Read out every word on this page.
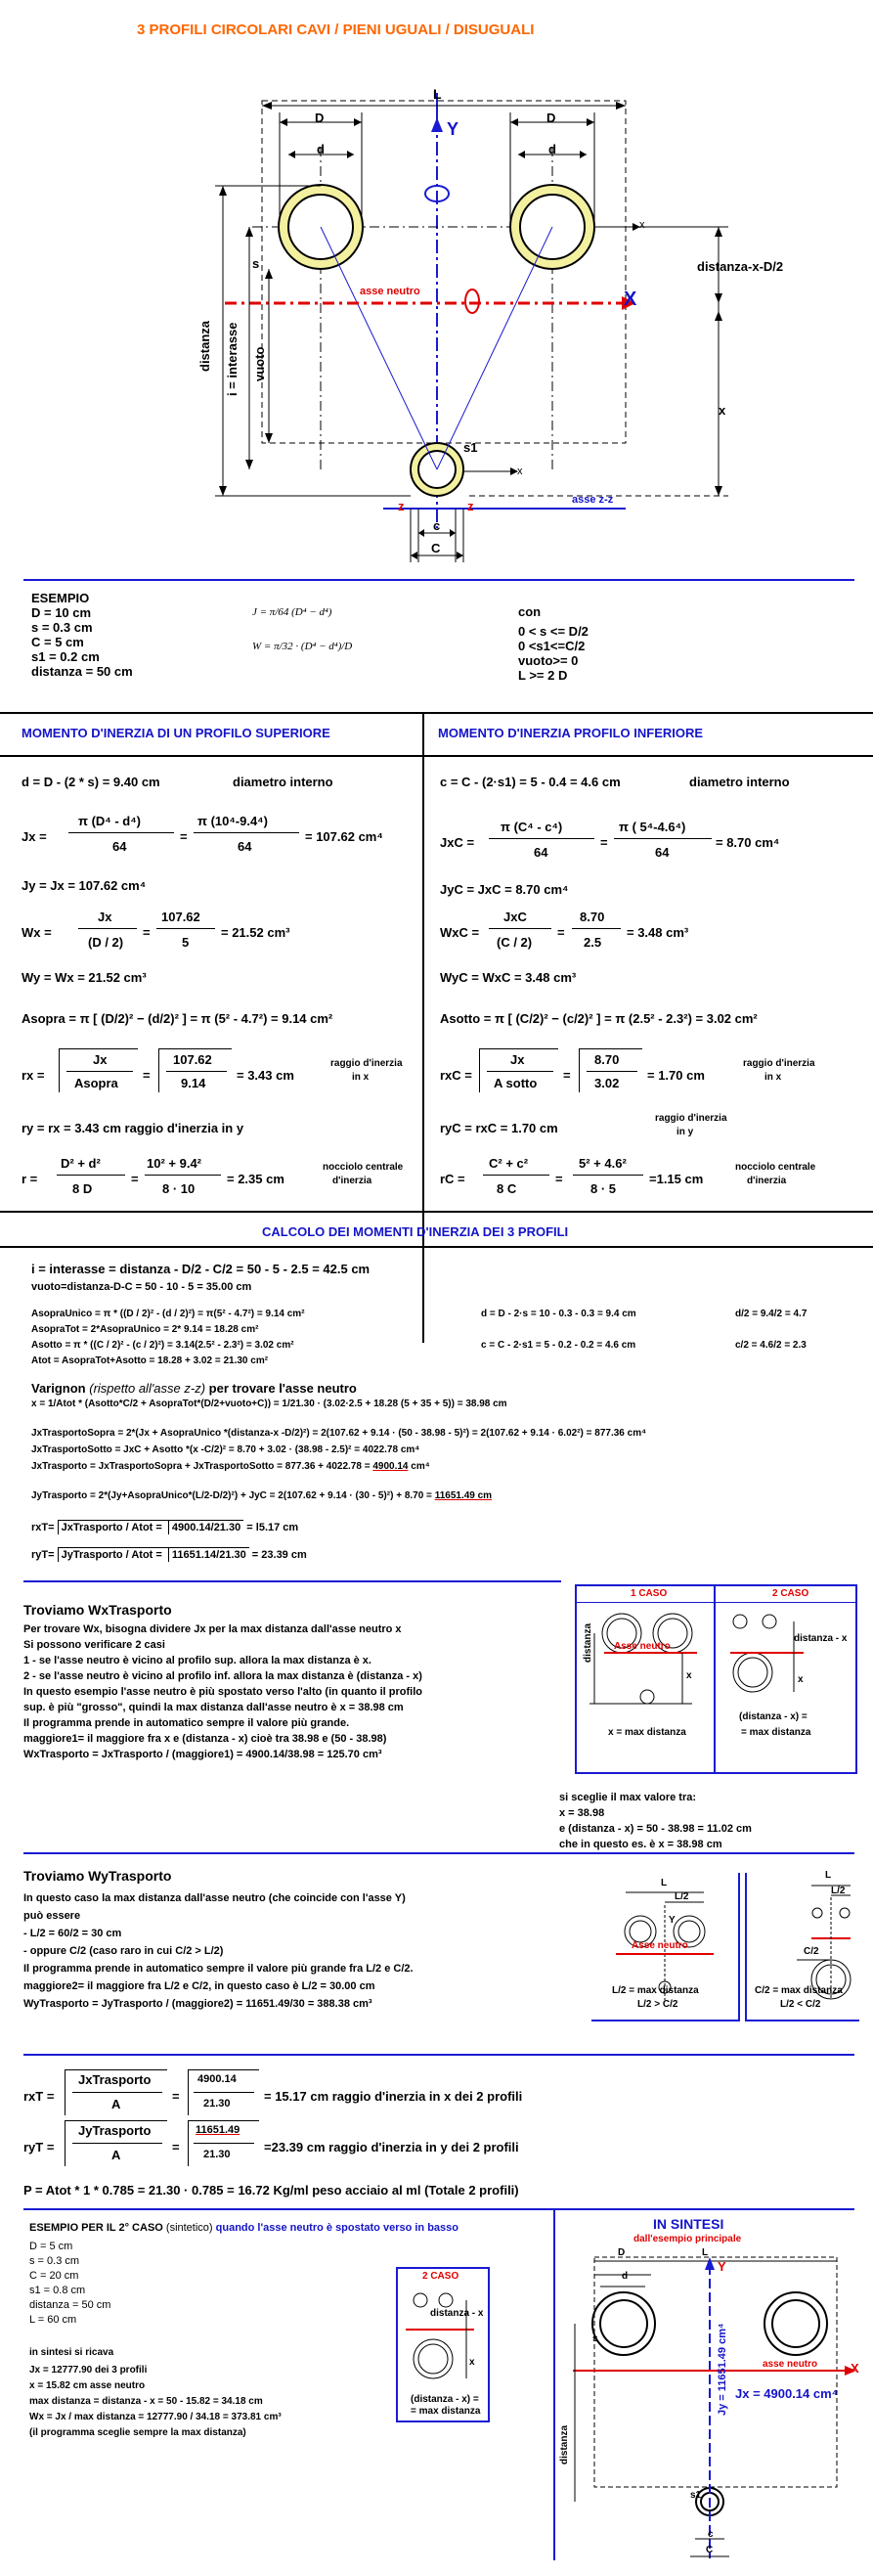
3 PROFILI CIRCOLARI CAVI / PIENI UGUALI / DISUGUALI
L
Y
X
D
d
D
d
s
x
asse neutro
distanza-x-D/2
x
distanza i = interasse vuoto
s1
x
z	z	asse z-z
c
C
ESEMPIO
D = 10 cm
s = 0.3 cm
C = 5 cm
s1 = 0.2 cm
distanza = 50 cm
J = π/64 (D⁴ − d⁴)
W = π/32 · (D⁴ − d⁴)/D
con
0 < s <= D/2
0 <s1<=C/2
vuoto>= 0
L >= 2 D
MOMENTO D'INERZIA DI UN PROFILO SUPERIORE	MOMENTO D'INERZIA PROFILO INFERIORE
d = D - (2 * s) = 9.40 cm	diametro interno
Jx =
π (D⁴ - d⁴)
64
=
π (10⁴-9.4⁴)
64
= 107.62 cm⁴
Jy = Jx = 107.62 cm⁴
Wx =
Jx
(D / 2)
=
107.62
5
= 21.52 cm³
Wy = Wx = 21.52 cm³
Asopra = π [ (D/2)² − (d/2)² ] = π (5² - 4.7²) = 9.14 cm²
rx =
Jx
Asopra
=
107.62
9.14
= 3.43 cm
raggio d'inerzia
in x
ry = rx = 3.43 cm raggio d'inerzia in y
r =
D² + d²
8 D
=
10² + 9.4²
8 · 10
= 2.35 cm
nocciolo centrale
d'inerzia
c = C - (2·s1) = 5 - 0.4 = 4.6 cm	diametro interno
JxC =
π (C⁴ - c⁴)
64
=
π ( 5⁴-4.6⁴)
64
= 8.70 cm⁴
JyC = JxC = 8.70 cm⁴
WxC =
JxC
(C / 2)
=
8.70
2.5
= 3.48 cm³
WyC = WxC = 3.48 cm³
Asotto = π [ (C/2)² − (c/2)² ] = π (2.5² - 2.3²) = 3.02 cm²
rxC =
Jx
A sotto
=
8.70
3.02
= 1.70 cm
raggio d'inerzia
in x
ryC = rxC = 1.70 cm
raggio d'inerzia
in y
rC =
C² + c²
8 C
=
5² + 4.6²
8 · 5
=1.15 cm
nocciolo centrale
d'inerzia
CALCOLO DEI MOMENTI D'INERZIA DEI 3 PROFILI
i = interasse = distanza - D/2 - C/2 = 50 - 5 - 2.5 = 42.5 cm
vuoto=distanza-D-C = 50 - 10 - 5 = 35.00 cm
AsopraUnico = π * ((D / 2)² - (d / 2)²) = π(5² - 4.7²) = 9.14 cm²
AsopraTot = 2*AsopraUnico = 2* 9.14 = 18.28 cm²
Asotto = π * ((C / 2)² - (c / 2)²) = 3.14(2.5² - 2.3²) = 3.02 cm²
Atot = AsopraTot+Asotto = 18.28 + 3.02 = 21.30 cm²
d = D - 2·s = 10 - 0.3 - 0.3 = 9.4 cm	d/2 = 9.4/2 = 4.7
c = C - 2·s1 = 5 - 0.2 - 0.2 = 4.6 cm	c/2 = 4.6/2 = 2.3
Varignon (rispetto all'asse z-z) per trovare l'asse neutro
x = 1/Atot * (Asotto*C/2 + AsopraTot*(D/2+vuoto+C)) = 1/21.30 · (3.02·2.5 + 18.28 (5 + 35 + 5)) = 38.98 cm
JxTrasportoSopra = 2*(Jx + AsopraUnico *(distanza-x -D/2)²) = 2(107.62 + 9.14 · (50 - 38.98 - 5)²) = 2(107.62 + 9.14 · 6.02²) = 877.36 cm⁴
JxTrasportoSotto = JxC + Asotto *(x -C/2)² = 8.70 + 3.02 · (38.98 - 2.5)² = 4022.78 cm⁴
JxTrasporto = JxTrasportoSopra + JxTrasportoSotto = 877.36 + 4022.78 = 4900.14 cm⁴
JyTrasporto = 2*(Jy+AsopraUnico*(L/2-D/2)²) + JyC = 2(107.62 + 9.14 · (30 - 5)²) + 8.70 = 11651.49 cm
rxT= JxTrasporto / Atot = 4900.14/21.30 = l5.17 cm
ryT= JyTrasporto / Atot = 11651.14/21.30 = 23.39 cm
Troviamo WxTrasporto
Per trovare Wx, bisogna dividere Jx per la max distanza dall'asse neutro x
Si possono verificare 2 casi
1 - se l'asse neutro è vicino al profilo sup. allora la max distanza è x.
2 - se l'asse neutro è vicino al profilo inf. allora la max distanza è (distanza - x)
In questo esempio l'asse neutro è più spostato verso l'alto (in quanto il profilo
sup. è più "grosso", quindi la max distanza dall'asse neutro è x = 38.98 cm
Il programma prende in automatico sempre il valore più grande.
maggiore1= il maggiore fra x e (distanza - x) cioè tra 38.98 e (50 - 38.98)
WxTrasporto = JxTrasporto / (maggiore1) = 4900.14/38.98 = 125.70 cm³
1 CASO	2 CASO
distanza Asse neutro
x
x = max distanza
distanza - x
x
(distanza - x) =
= max distanza
si sceglie il max valore tra:
x = 38.98
e (distanza - x) = 50 - 38.98 = 11.02 cm
che in questo es. è x = 38.98 cm
Troviamo WyTrasporto
In questo caso la max distanza dall'asse neutro (che coincide con l'asse Y)
può essere
- L/2 = 60/2 = 30 cm
- oppure C/2 (caso raro in cui C/2 > L/2)
Il programma prende in automatico sempre il valore più grande fra L/2 e C/2.
maggiore2= il maggiore fra L/2 e C/2, in questo caso è L/2 = 30.00 cm
WyTrasporto = JyTrasporto / (maggiore2) = 11651.49/30 = 388.38 cm³
L
L/2
Y
Asse neutro
L/2 = max distanza
L/2 > C/2
L
L/2
C/2
C/2 = max distanza
L/2 < C/2
rxT =
JxTrasporto
A
=
4900.14
21.30	= 15.17 cm raggio d'inerzia in x dei 2 profili
ryT =
JyTrasporto
A
=
11651.49
21.30	=23.39 cm raggio d'inerzia in y dei 2 profili
P = Atot * 1 * 0.785 = 21.30 · 0.785 = 16.72 Kg/ml peso acciaio al ml (Totale 2 profili)
ESEMPIO PER IL 2° CASO (sintetico) quando l'asse neutro è spostato verso in basso
D = 5 cm
s = 0.3 cm
C = 20 cm
s1 = 0.8 cm
distanza = 50 cm
L = 60 cm
in sintesi si ricava
Jx = 12777.90 dei 3 profili
x = 15.82 cm asse neutro
max distanza = distanza - x = 50 - 15.82 = 34.18 cm
Wx = Jx / max distanza = 12777.90 / 34.18 = 373.81 cm³
(il programma sceglie sempre la max distanza)
2 CASO
distanza - x
x
(distanza - x) =
= max distanza
IN SINTESI
dall'esempio principale
D
d
L
Y
X
s
asse neutro
Jy = 11651.49 cm⁴ Jx = 4900.14 cm⁴
distanza
s1
c
C
